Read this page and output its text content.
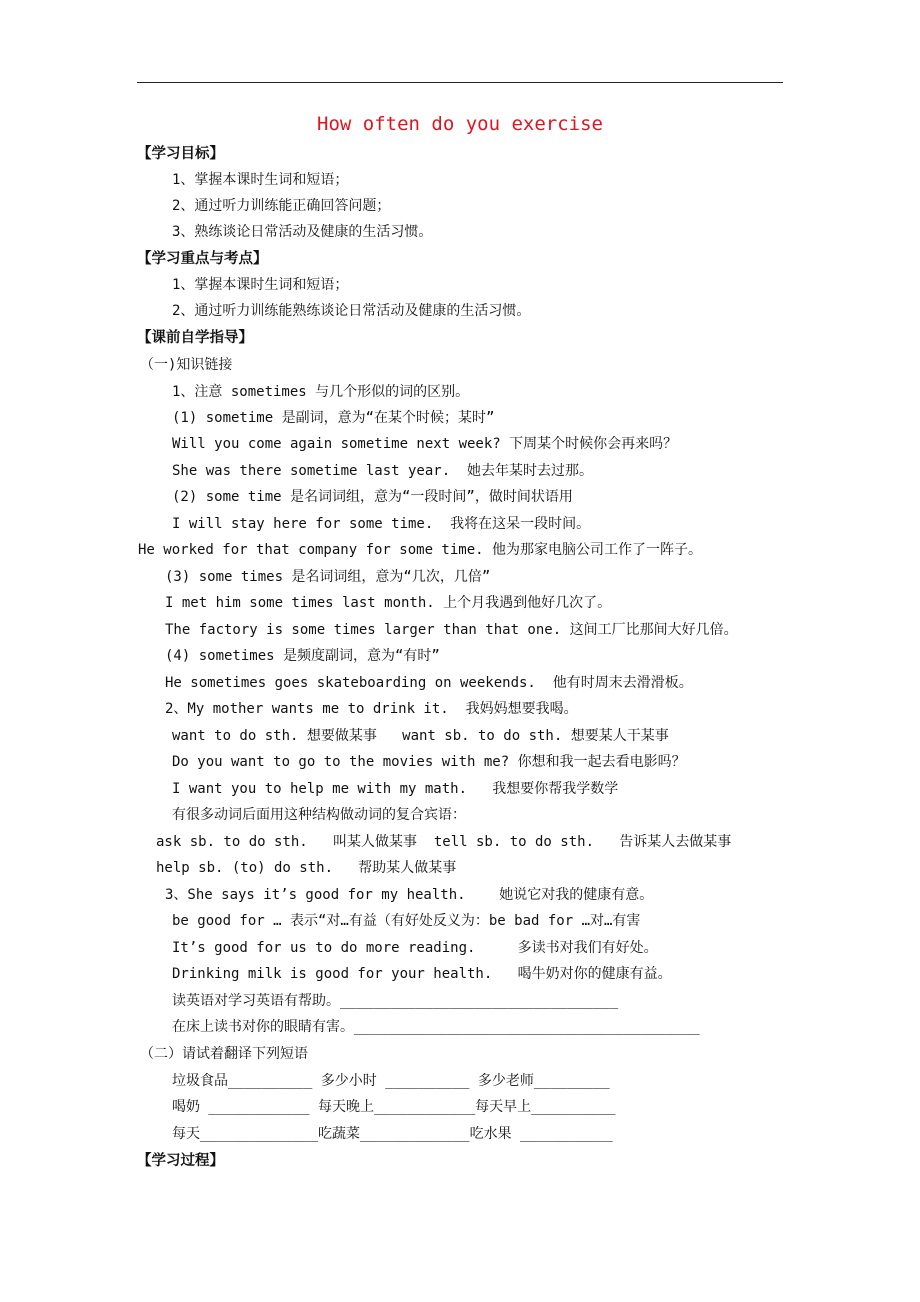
How often do you exercise
【学习目标】
1、掌握本课时生词和短语；
2、通过听力训练能正确回答问题；
3、熟练谈论日常活动及健康的生活习惯。
【学习重点与考点】
1、掌握本课时生词和短语；
2、通过听力训练能熟练谈论日常活动及健康的生活习惯。
【课前自学指导】
（一)知识链接
1、注意 sometimes 与几个形似的词的区别。
(1) sometime 是副词，意为“在某个时候；某时”
Will you come again sometime next week? 下周某个时候你会再来吗？
She was there sometime last year.  她去年某时去过那。
(2) some time 是名词词组，意为“一段时间”，做时间状语用
I will stay here for some time.  我将在这呆一段时间。
He worked for that company for some time. 他为那家电脑公司工作了一阵子。
(3) some times 是名词词组，意为“几次，几倍”
I met him some times last month. 上个月我遇到他好几次了。
The factory is some times larger than that one. 这间工厂比那间大好几倍。
(4) sometimes 是频度副词，意为“有时”
He sometimes goes skateboarding on weekends.  他有时周末去滑滑板。
2、My mother wants me to drink it.  我妈妈想要我喝。
want to do sth. 想要做某事   want sb. to do sth. 想要某人干某事
Do you want to go to the movies with me? 你想和我一起去看电影吗？
I want you to help me with my math.   我想要你帮我学数学
有很多动词后面用这种结构做动词的复合宾语：
ask sb. to do sth.   叫某人做某事  tell sb. to do sth.   告诉某人去做某事
help sb. (to) do sth.   帮助某人做某事
3、She says it’s good for my health.    她说它对我的健康有意。
be good for … 表示“对…有益（有好处反义为：be bad for …对…有害
It’s good for us to do more reading.     多读书对我们有好处。
Drinking milk is good for your health.   喝牛奶对你的健康有益。
读英语对学习英语有帮助。_________________________________
在床上读书对你的眼睛有害。_________________________________________
（二）请试着翻译下列短语
垃圾食品__________ 多少小时 __________ 多少老师_________
喝奶 ____________ 每天晚上____________每天早上__________
每天______________吃蔬菜_____________吃水果 ___________
【学习过程】
